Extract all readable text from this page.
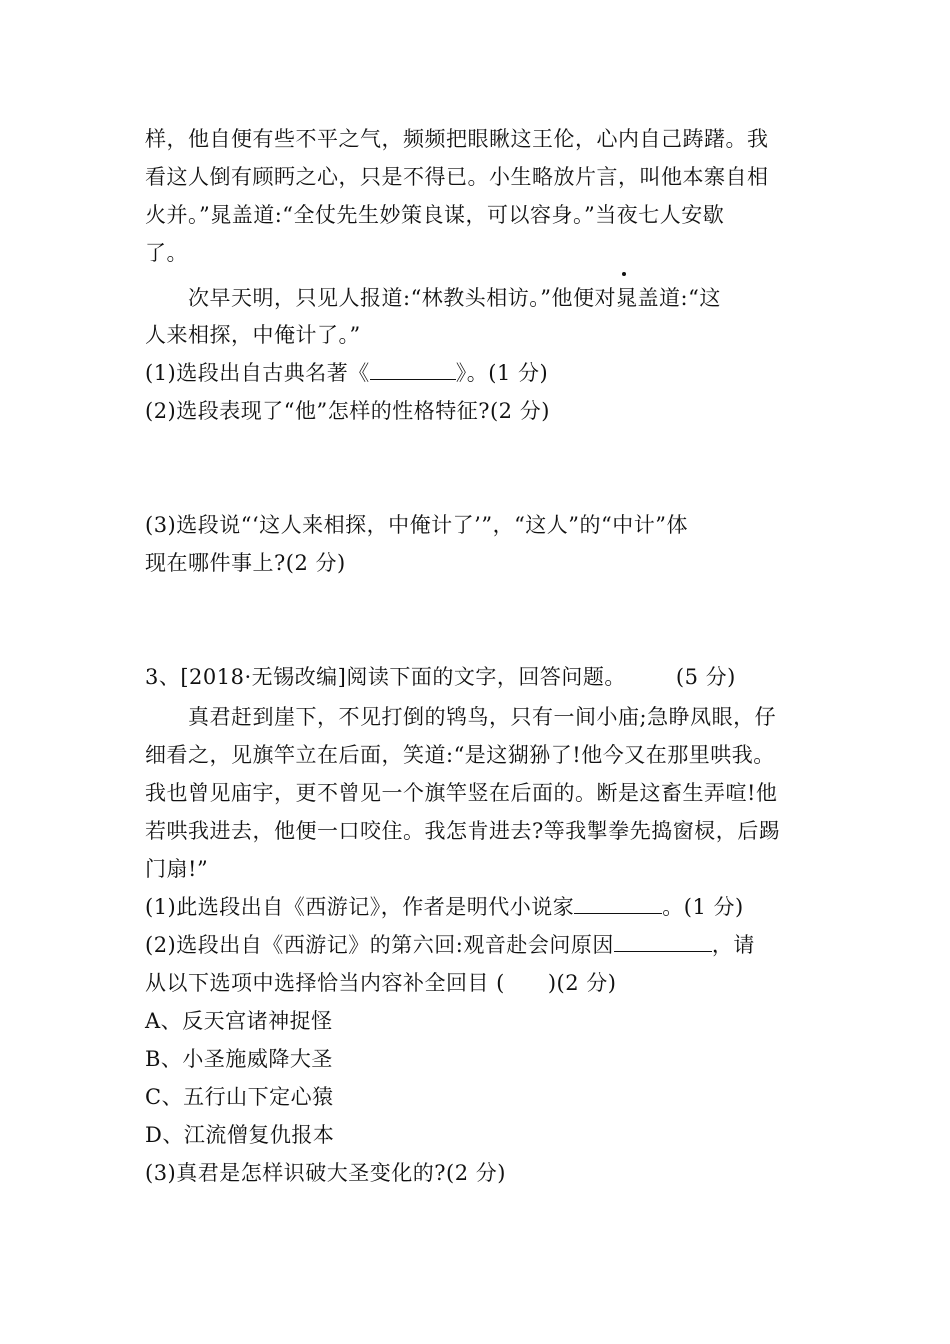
样，他自便有些不平之气，频频把眼瞅这王伦，心内自己踌躇。我
看这人倒有顾眄之心，只是不得已。小生略放片言，叫他本寨自相
火并。”晁盖道:“全仗先生妙策良谋，可以容身。”当夜七人安歇
了。
次早天明，只见人报道:“林教头相访。”他便对晁盖道:“这
人来相探，中俺计了。”
(1)选段出自古典名著《	》。(1 分)
(2)选段表现了“他”怎样的性格特征?(2 分)
(3)选段说“‘这人来相探，中俺计了’”，“这人”的“中计”体
现在哪件事上?(2 分)
3、[2018·无锡改编]阅读下面的文字，回答问题。 (5 分)
真君赶到崖下，不见打倒的鸨鸟，只有一间小庙;急睁凤眼，仔
细看之，见旗竿立在后面，笑道:“是这猢狲了!他今又在那里哄我。
我也曾见庙宇，更不曾见一个旗竿竖在后面的。断是这畜生弄喧!他
若哄我进去，他便一口咬住。我怎肯进去?等我掣拳先捣窗棂，后踢
门扇!”
(1)此选段出自《西游记》，作者是明代小说家	。(1 分)
(2)选段出自《西游记》的第六回:观音赴会问原因	，请
从以下选项中选择恰当内容补全回目 (　　)(2 分)
A、反天宫诸神捉怪
B、小圣施威降大圣
C、五行山下定心猿
D、江流僧复仇报本
(3)真君是怎样识破大圣变化的?(2 分)
